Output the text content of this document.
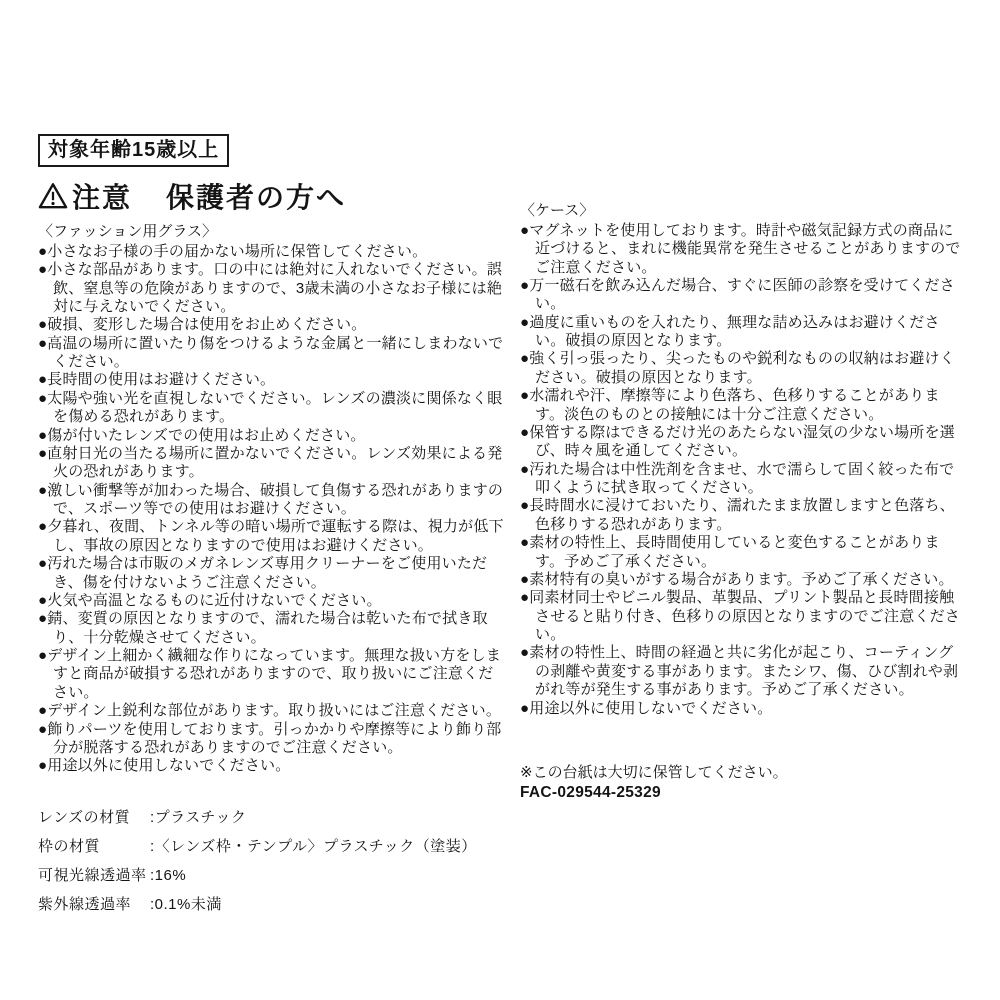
対象年齢15歳以上
注意 保護者の方へ
〈ファッション用グラス〉
●小さなお子様の手の届かない場所に保管してください。
●小さな部品があります。口の中には絶対に入れないでください。誤飲、窒息等の危険がありますので、3歳未満の小さなお子様には絶対に与えないでください。
●破損、変形した場合は使用をお止めください。
●高温の場所に置いたり傷をつけるような金属と一緒にしまわないでください。
●長時間の使用はお避けください。
●太陽や強い光を直視しないでください。レンズの濃淡に関係なく眼を傷める恐れがあります。
●傷が付いたレンズでの使用はお止めください。
●直射日光の当たる場所に置かないでください。レンズ効果による発火の恐れがあります。
●激しい衝撃等が加わった場合、破損して負傷する恐れがありますので、スポーツ等での使用はお避けください。
●夕暮れ、夜間、トンネル等の暗い場所で運転する際は、視力が低下し、事故の原因となりますので使用はお避けください。
●汚れた場合は市販のメガネレンズ専用クリーナーをご使用いただき、傷を付けないようご注意ください。
●火気や高温となるものに近付けないでください。
●錆、変質の原因となりますので、濡れた場合は乾いた布で拭き取り、十分乾燥させてください。
●デザイン上細かく繊細な作りになっています。無理な扱い方をしますと商品が破損する恐れがありますので、取り扱いにご注意ください。
●デザイン上鋭利な部位があります。取り扱いにはご注意ください。
●飾りパーツを使用しております。引っかかりや摩擦等により飾り部分が脱落する恐れがありますのでご注意ください。
●用途以外に使用しないでください。
レンズの材質	:プラスチック
枠の材質	:〈レンズ枠・テンプル〉プラスチック（塗装）
可視光線透過率 :16%
紫外線透過率	:0.1%未満
〈ケース〉
●マグネットを使用しております。時計や磁気記録方式の商品に近づけると、まれに機能異常を発生させることがありますのでご注意ください。
●万一磁石を飲み込んだ場合、すぐに医師の診察を受けてください。
●過度に重いものを入れたり、無理な詰め込みはお避けください。破損の原因となります。
●強く引っ張ったり、尖ったものや鋭利なものの収納はお避けください。破損の原因となります。
●水濡れや汗、摩擦等により色落ち、色移りすることがあります。淡色のものとの接触には十分ご注意ください。
●保管する際はできるだけ光のあたらない湿気の少ない場所を選び、時々風を通してください。
●汚れた場合は中性洗剤を含ませ、水で濡らして固く絞った布で叩くように拭き取ってください。
●長時間水に浸けておいたり、濡れたまま放置しますと色落ち、色移りする恐れがあります。
●素材の特性上、長時間使用していると変色することがあります。予めご了承ください。
●素材特有の臭いがする場合があります。予めご了承ください。
●同素材同士やビニル製品、革製品、プリント製品と長時間接触させると貼り付き、色移りの原因となりますのでご注意ください。
●素材の特性上、時間の経過と共に劣化が起こり、コーティングの剥離や黄変する事があります。またシワ、傷、ひび割れや剥がれ等が発生する事があります。予めご了承ください。
●用途以外に使用しないでください。
※この台紙は大切に保管してください。
FAC-029544-25329
